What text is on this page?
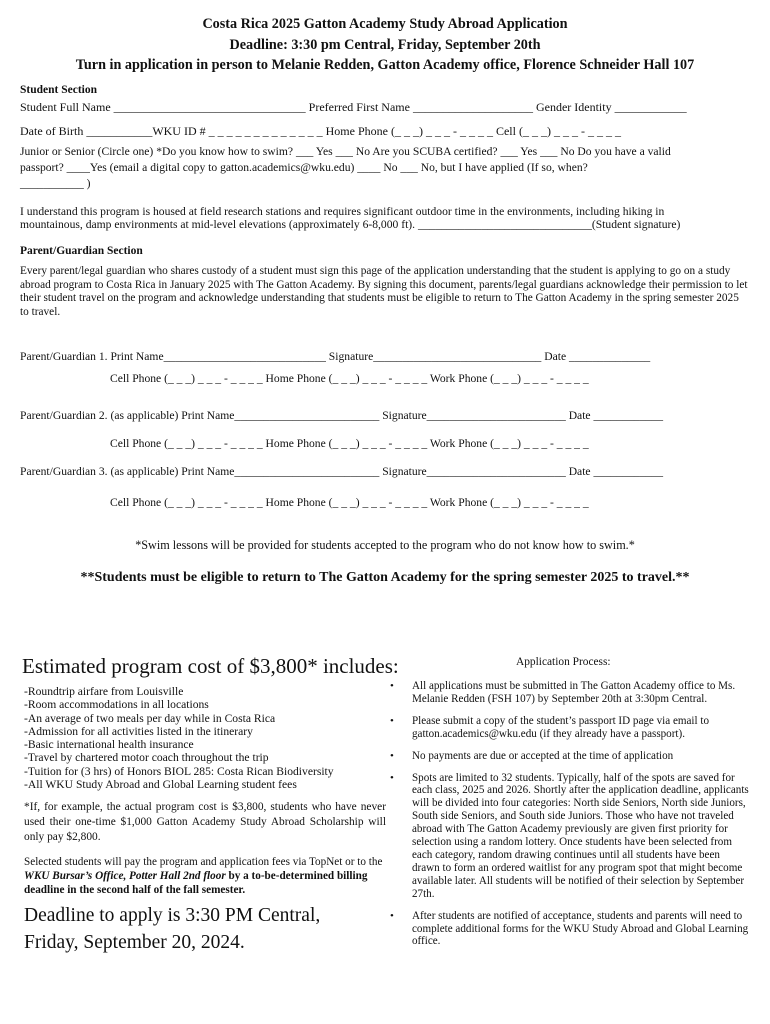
Costa Rica 2025 Gatton Academy Study Abroad Application
Deadline: 3:30 pm Central, Friday, September 20th
Turn in application in person to Melanie Redden, Gatton Academy office, Florence Schneider Hall 107
Student Section
Student Full Name ________________________________ Preferred First Name ____________________ Gender Identity ____________
Date of Birth ___________WKU ID # _ _ _ _ _ _ _ _ _ _ _ _ _ Home Phone (_ _ _) _ _ _ - _ _ _ _ Cell (_ _ _) _ _ _ - _ _ _ _
Junior or Senior (Circle one) *Do you know how to swim? ___ Yes ___ No Are you SCUBA certified? ___ Yes ___ No Do you have a valid
passport? ____Yes (email a digital copy to gatton.academics@wku.edu) ____ No ___ No, but I have applied (If so, when?
___________ )
I understand this program is housed at field research stations and requires significant outdoor time in the environments, including hiking in
mountainous, damp environments at mid-level elevations (approximately 6-8,000 ft). ______________________________(Student signature)
Parent/Guardian Section
Every parent/legal guardian who shares custody of a student must sign this page of the application understanding that the student is applying to go on a study abroad program to Costa Rica in January 2025 with The Gatton Academy. By signing this document, parents/legal guardians acknowledge their permission to let their student travel on the program and acknowledge understanding that students must be eligible to return to The Gatton Academy in the spring semester 2025 to travel.
Parent/Guardian 1. Print Name____________________________ Signature_____________________________ Date ______________
Cell Phone (_ _ _) _ _ _ - _ _ _ _ Home Phone (_ _ _) _ _ _ - _ _ _ _ Work Phone (_ _ _) _ _ _ - _ _ _ _
Parent/Guardian 2. (as applicable) Print Name_________________________ Signature________________________ Date ____________
Cell Phone (_ _ _) _ _ _ - _ _ _ _ Home Phone (_ _ _) _ _ _ - _ _ _ _ Work Phone (_ _ _) _ _ _ - _ _ _ _
Parent/Guardian 3. (as applicable) Print Name_________________________ Signature________________________ Date ____________
Cell Phone (_ _ _) _ _ _ - _ _ _ _ Home Phone (_ _ _) _ _ _ - _ _ _ _ Work Phone (_ _ _) _ _ _ - _ _ _ _
*Swim lessons will be provided for students accepted to the program who do not know how to swim.*
**Students must be eligible to return to The Gatton Academy for the spring semester 2025 to travel.**
Estimated program cost of $3,800* includes:
-Roundtrip airfare from Louisville
-Room accommodations in all locations
-An average of two meals per day while in Costa Rica
-Admission for all activities listed in the itinerary
-Basic international health insurance
-Travel by chartered motor coach throughout the trip
-Tuition for (3 hrs) of Honors BIOL 285: Costa Rican Biodiversity
-All WKU Study Abroad and Global Learning student fees
*If, for example, the actual program cost is $3,800, students who have never used their one-time $1,000 Gatton Academy Study Abroad Scholarship will only pay $2,800.
Selected students will pay the program and application fees via TopNet or to the WKU Bursar’s Office, Potter Hall 2nd floor by a to-be-determined billing deadline in the second half of the fall semester.
Deadline to apply is 3:30 PM Central,
Friday, September 20, 2024.
Application Process:
• All applications must be submitted in The Gatton Academy office to Ms. Melanie Redden (FSH 107) by September 20th at 3:30pm Central.
• Please submit a copy of the student’s passport ID page via email to gatton.academics@wku.edu (if they already have a passport).
• No payments are due or accepted at the time of application
• Spots are limited to 32 students. Typically, half of the spots are saved for each class, 2025 and 2026. Shortly after the application deadline, applicants will be divided into four categories: North side Seniors, North side Juniors, South side Seniors, and South side Juniors. Those who have not traveled abroad with The Gatton Academy previously are given first priority for selection using a random lottery. Once students have been selected from each category, random drawing continues until all students have been drawn to form an ordered waitlist for any program spot that might become available later. All students will be notified of their selection by September 27th.
• After students are notified of acceptance, students and parents will need to complete additional forms for the WKU Study Abroad and Global Learning office.
